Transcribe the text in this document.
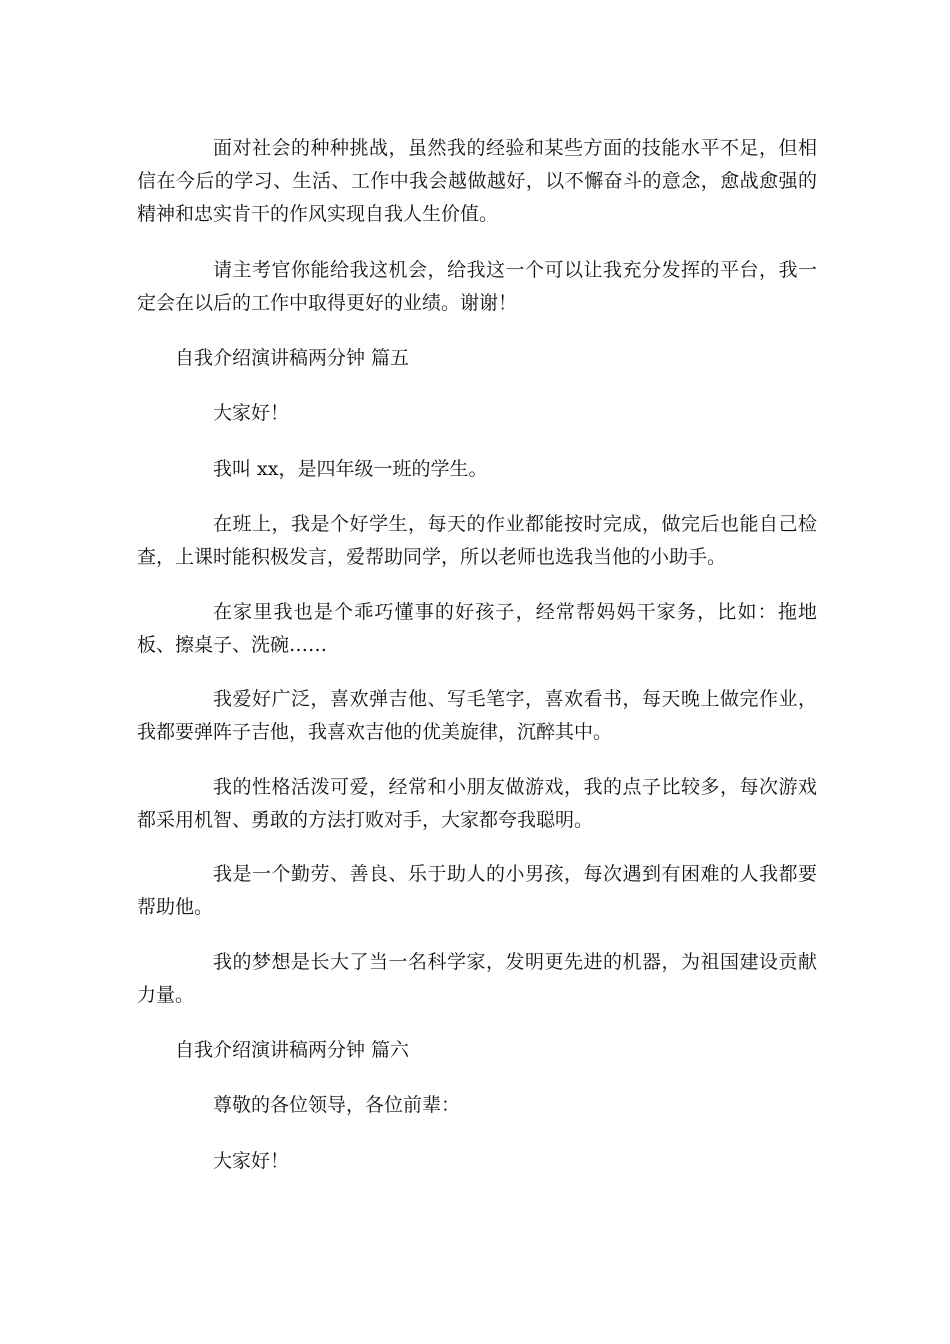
面对社会的种种挑战，虽然我的经验和某些方面的技能水平不足，但相信在今后的学习、生活、工作中我会越做越好，以不懈奋斗的意念，愈战愈强的精神和忠实肯干的作风实现自我人生价值。

请主考官你能给我这机会，给我这一个可以让我充分发挥的平台，我一定会在以后的工作中取得更好的业绩。谢谢！

自我介绍演讲稿两分钟 篇五

大家好！

我叫 xx，是四年级一班的学生。

在班上，我是个好学生，每天的作业都能按时完成，做完后也能自己检查，上课时能积极发言，爱帮助同学，所以老师也选我当他的小助手。

在家里我也是个乖巧懂事的好孩子，经常帮妈妈干家务，比如：拖地板、擦桌子、洗碗……

我爱好广泛，喜欢弹吉他、写毛笔字，喜欢看书，每天晚上做完作业，我都要弹阵子吉他，我喜欢吉他的优美旋律，沉醉其中。

我的性格活泼可爱，经常和小朋友做游戏，我的点子比较多，每次游戏都采用机智、勇敢的方法打败对手，大家都夸我聪明。

我是一个勤劳、善良、乐于助人的小男孩，每次遇到有困难的人我都要帮助他。

我的梦想是长大了当一名科学家，发明更先进的机器，为祖国建设贡献力量。

自我介绍演讲稿两分钟 篇六

尊敬的各位领导，各位前辈：

大家好！
